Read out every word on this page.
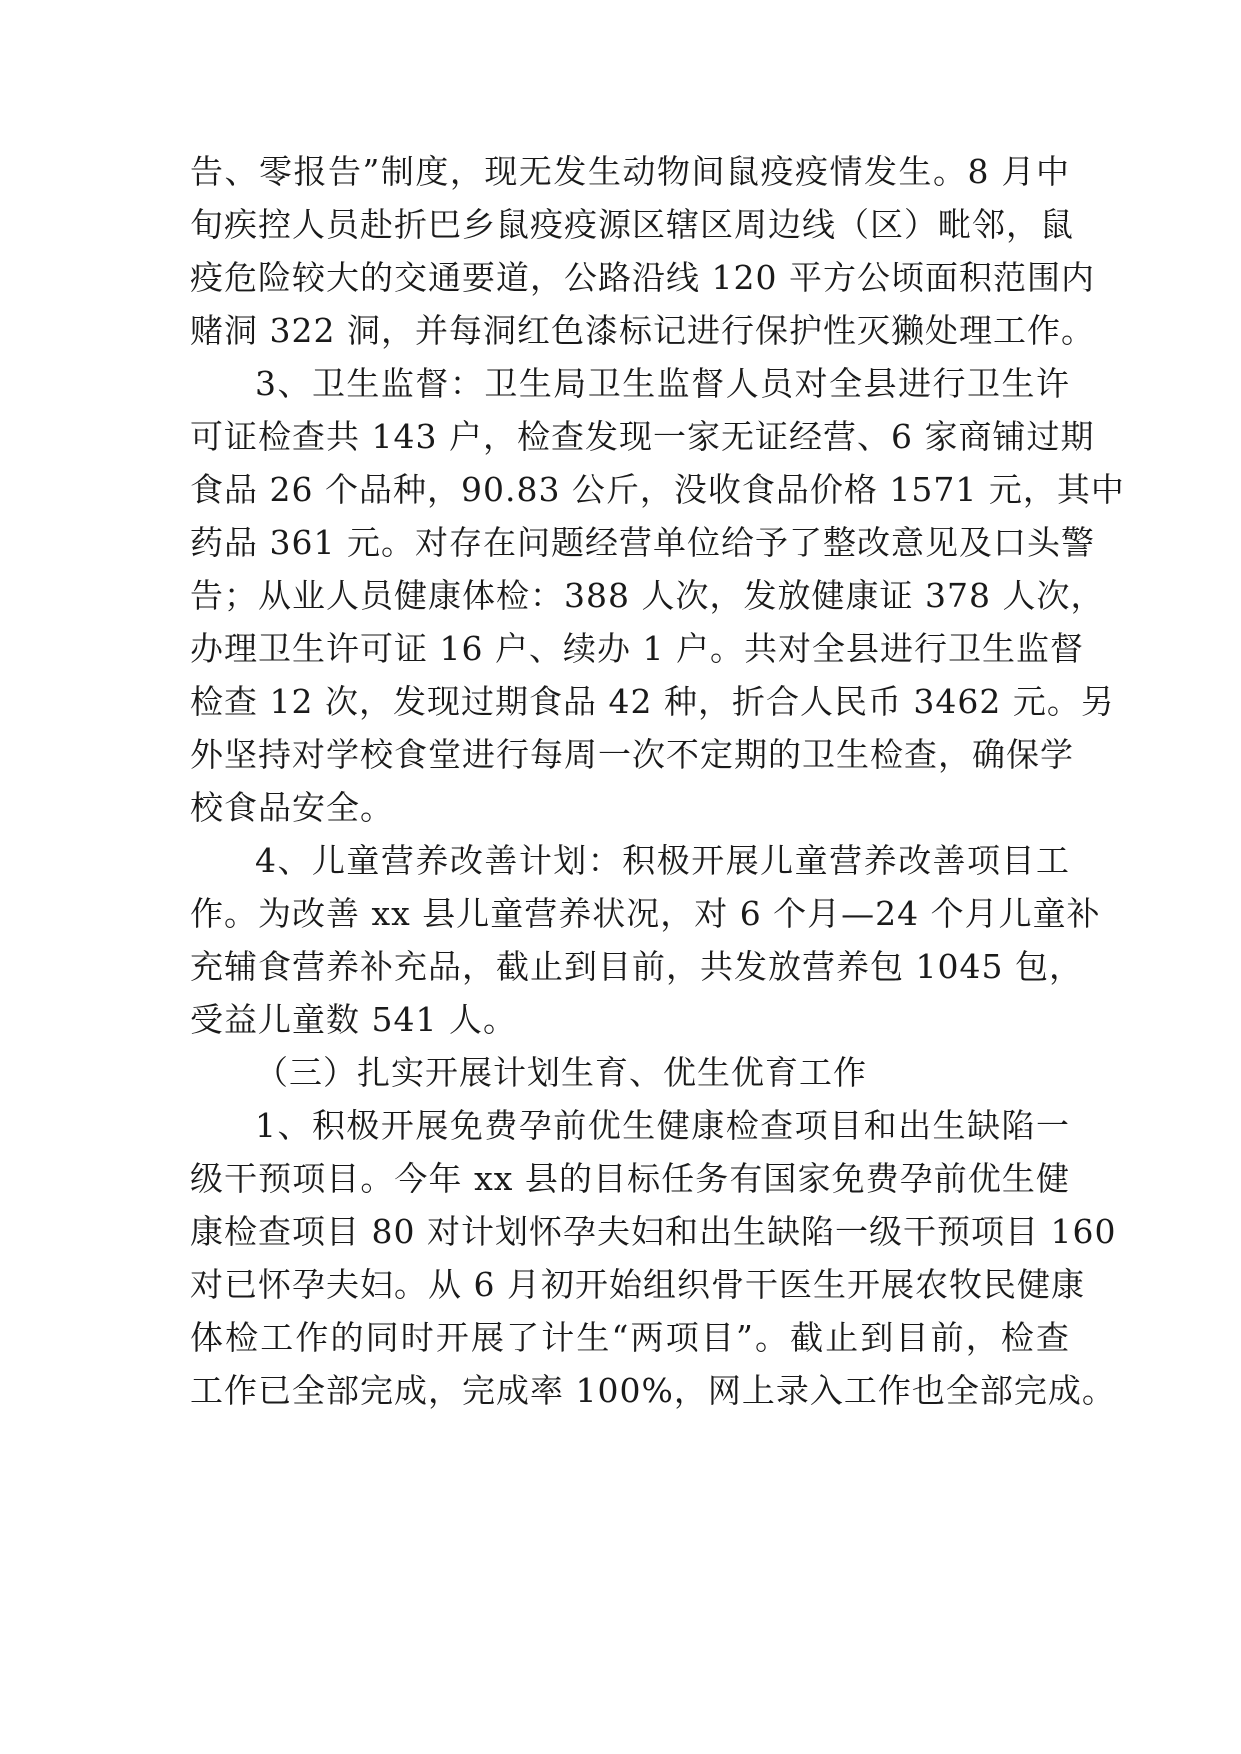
告、零报告”制度，现无发生动物间鼠疫疫情发生。8 月中

旬疾控人员赴折巴乡鼠疫疫源区辖区周边线（区）毗邻，鼠

疫危险较大的交通要道，公路沿线 120 平方公顷面积范围内

赌洞 322 洞，并每洞红色漆标记进行保护性灭獭处理工作。

3、卫生监督：卫生局卫生监督人员对全县进行卫生许

可证检查共 143 户，检查发现一家无证经营、6 家商铺过期

食品 26 个品种，90.83 公斤，没收食品价格 1571 元，其中

药品 361 元。对存在问题经营单位给予了整改意见及口头警

告；从业人员健康体检：388 人次，发放健康证 378 人次，

办理卫生许可证 16 户、续办 1 户。共对全县进行卫生监督

检查 12 次，发现过期食品 42 种，折合人民币 3462 元。另

外坚持对学校食堂进行每周一次不定期的卫生检查，确保学

校食品安全。

4、儿童营养改善计划：积极开展儿童营养改善项目工

作。为改善 xx 县儿童营养状况，对 6 个月—24 个月儿童补

充辅食营养补充品，截止到目前，共发放营养包 1045 包，

受益儿童数 541 人。

（三）扎实开展计划生育、优生优育工作

1、积极开展免费孕前优生健康检查项目和出生缺陷一

级干预项目。今年 xx 县的目标任务有国家免费孕前优生健

康检查项目 80 对计划怀孕夫妇和出生缺陷一级干预项目 160

对已怀孕夫妇。从 6 月初开始组织骨干医生开展农牧民健康

体检工作的同时开展了计生“两项目”。截止到目前，检查

工作已全部完成，完成率 100%，网上录入工作也全部完成。
